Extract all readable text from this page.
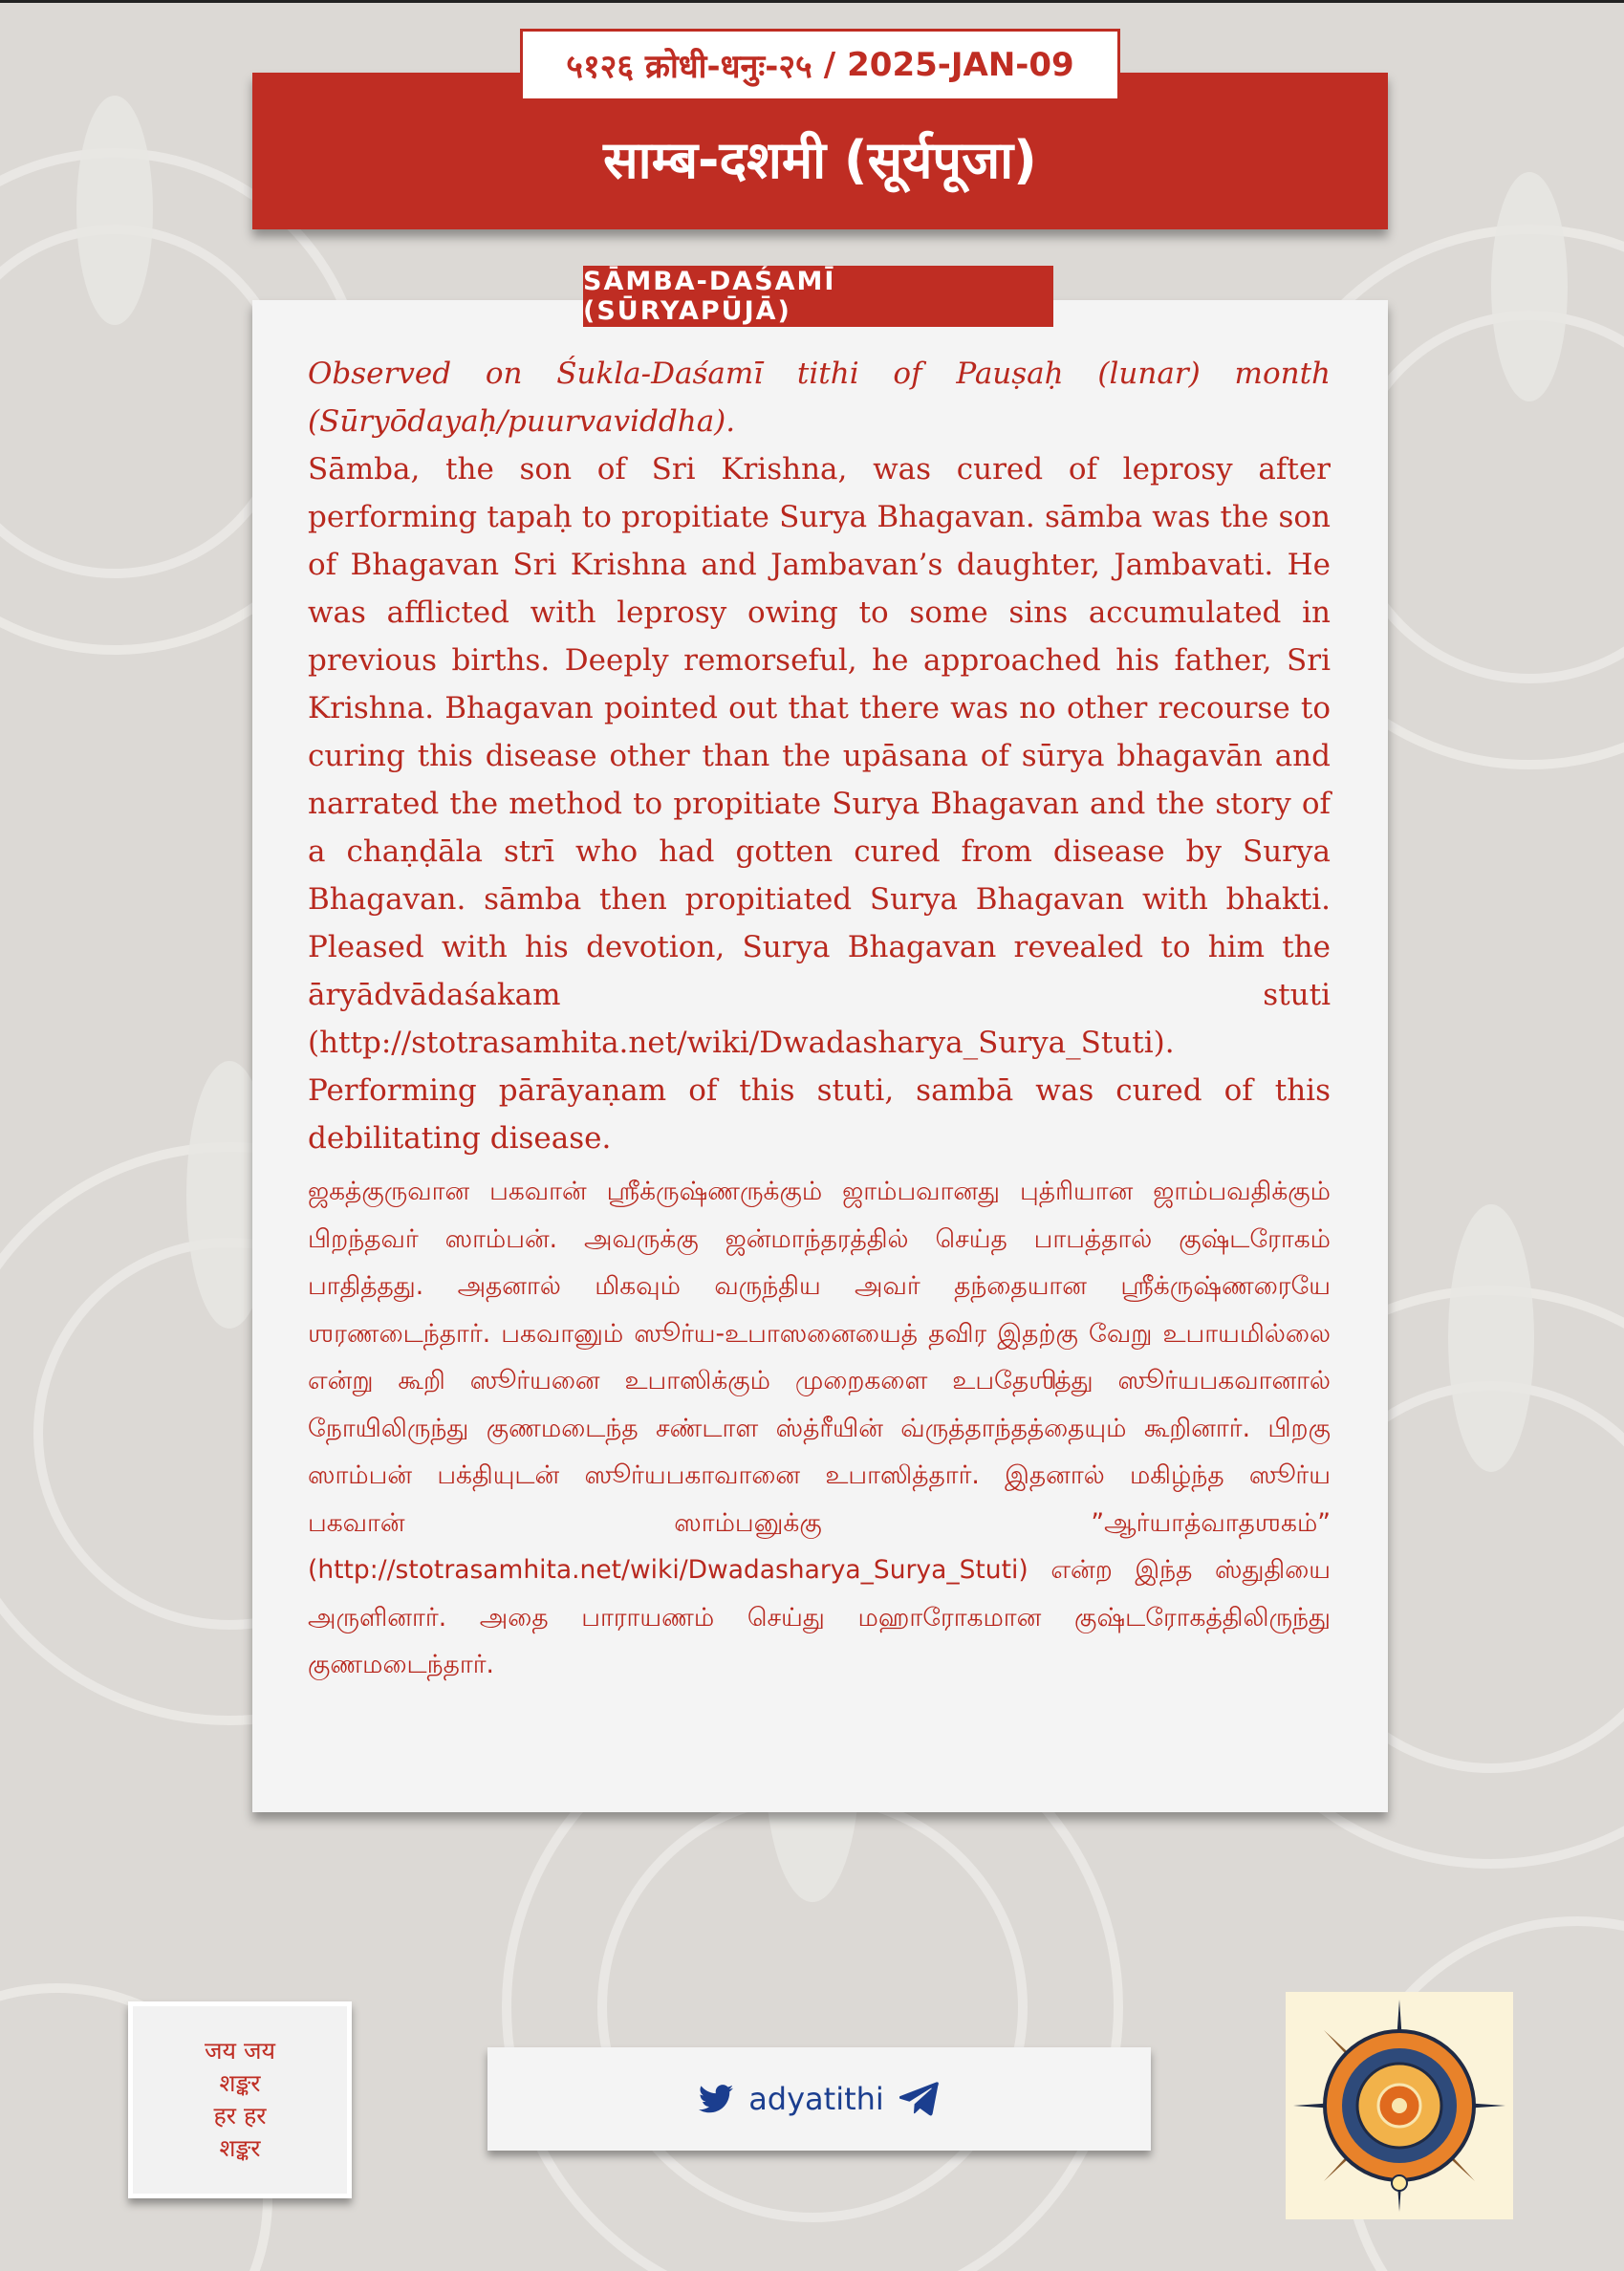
५१२६ क्रोधी-धनुः-२५ / 2025-JAN-09
साम्ब-दशमी (सूर्यपूजा)
SĀMBA-DAŚAMĪ (SŪRYAPŪJĀ)

Observed on Śukla-Daśamī tithi of Pauṣaḥ (lunar) month (Sūryōdayaḥ/puurvaviddha).

Sāmba, the son of Sri Krishna, was cured of leprosy after performing tapaḥ to propitiate Surya Bhagavan. sāmba was the son of Bhagavan Sri Krishna and Jambavan’s daughter, Jambavati. He was afflicted with leprosy owing to some sins accumulated in previous births. Deeply remorseful, he approached his father, Sri Krishna. Bhagavan pointed out that there was no other recourse to curing this disease other than the upāsana of sūrya bhagavān and narrated the method to propitiate Surya Bhagavan and the story of a chaṇḍāla strī who had gotten cured from disease by Surya Bhagavan. sāmba then propitiated Surya Bhagavan with bhakti. Pleased with his devotion, Surya Bhagavan revealed to him the āryādvādaśakam stuti (http://stotrasamhita.net/wiki/Dwadasharya_Surya_Stuti). Performing pārāyaṇam of this stuti, sambā was cured of this debilitating disease.

ஜகத்குருவான பகவான் ஸ்ரீக்ருஷ்ணருக்கும் ஜாம்பவானது புத்ரியான ஜாம்பவதிக்கும் பிறந்தவர் ஸாம்பன். அவருக்கு ஜன்மாந்தரத்தில் செய்த பாபத்தால் குஷ்டரோகம் பாதித்தது. அதனால் மிகவும் வருந்திய அவர் தந்தையான ஸ்ரீக்ருஷ்ணரையே ஶரணடைந்தார். பகவானும் ஸூர்ய-உபாஸனையைத் தவிர இதற்கு வேறு உபாயமில்லை என்று கூறி ஸூர்யனை உபாஸிக்கும் முறைகளை உபதேஶித்து ஸூர்யபகவானால் நோயிலிருந்து குணமடைந்த சண்டாள ஸ்த்ரீயின் வ்ருத்தாந்தத்தையும் கூறினார். பிறகு ஸாம்பன் பக்தியுடன் ஸூர்யபகாவானை உபாஸித்தார். இதனால் மகிழ்ந்த ஸூர்ய பகவான் ஸாம்பனுக்கு ”ஆர்யாத்வாதஶகம்” (http://stotrasamhita.net/wiki/Dwadasharya_Surya_Stuti) என்ற இந்த ஸ்துதியை அருளினார். அதை பாராயணம் செய்து மஹாரோகமான குஷ்டரோகத்திலிருந்து குணமடைந்தார்.

जय जय
शङ्कर
हर हर
शङ्कर
adyatithi
